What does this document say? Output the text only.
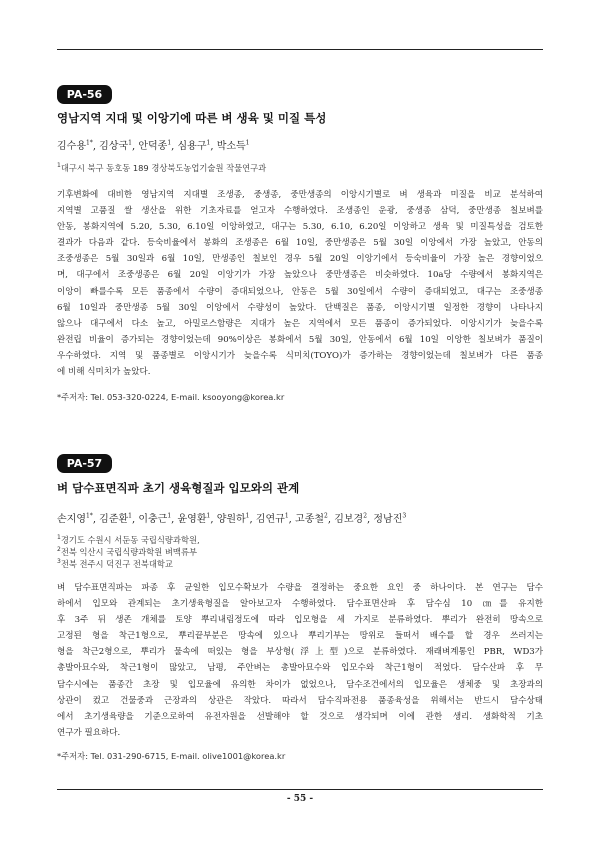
PA-56
영남지역 지대 및 이앙기에 따른 벼 생육 및 미질 특성
김수용$^{1*}$, 김상국$^1$, 안덕종$^1$, 심용구$^1$, 박소득$^1$
$^1$대구시 북구 동호동 189 경상북도농업기술원 작물연구과
기후변화에 대비한 영남지역 지대별 조생종, 중생종, 중만생종의 이앙시기별로 벼 생육과 미질을 비교 분석하여
지역별 고품질 쌀 생산을 위한 기초자료를 얻고자 수행하였다. 조생종인 운광, 중생종 삼덕, 중만생종 칠보벼를
안동, 봉화지역에 5.20, 5.30, 6.10일 이앙하였고, 대구는 5.30, 6.10, 6.20일 이앙하고 생육 및 미질특성을 검토한
결과가 다음과 같다. 등숙비율에서 봉화의 조생종은 6월 10일, 중만생종은 5월 30일 이앙에서 가장 높았고, 안동의
조중생종은 5월 30일과 6월 10일, 만생종인 칠보인 경우 5월 20일 이앙기에서 등숙비율이 가장 높은 경향이었으
며, 대구에서 조중생종은 6월 20일 이앙기가 가장 높았으나 중만생종은 비슷하였다. 10a당 수량에서 봉화지역은
이앙이 빠를수록 모든 품종에서 수량이 증대되었으나, 안동은 5월 30일에서 수량이 증대되었고, 대구는 조중생종
6월 10일과 중만생종 5월 30일 이앙에서 수량성이 높았다. 단백질은 품종, 이앙시기별 일정한 경향이 나타나지
않으나 대구에서 다소 높고, 아밀로스함량은 지대가 높은 지역에서 모든 품종이 증가되었다. 이앙시기가 늦을수록
완전립 비율이 증가되는 경향이었는데 90%이상은 봉화에서 5월 30일, 안동에서 6월 10일 이앙한 칠보벼가 품질이
우수하였다. 지역 및 품종별로 이앙시기가 늦을수록 식미치(TOYO)가 증가하는 경향이었는데 칠보벼가 다른 품종
에 비해 식미치가 높았다.
*주저자: Tel. 053-320-0224, E-mail. ksooyong@korea.kr
PA-57
벼 담수표면직파 초기 생육형질과 입모와의 관계
손지영$^{1*}$, 김준환$^1$, 이충근$^1$, 윤영환$^1$, 양원하$^1$, 김연규$^1$, 고종철$^2$, 김보경$^2$, 정남진$^3$
$^1$경기도 수원시 서둔동 국립식량과학원,
$^2$전북 익산시 국립식량과학원 벼맥류부
$^3$전북 전주시 덕진구 전북대학교
벼 담수표면직파는 파종 후 균일한 입모수확보가 수량을 결정하는 중요한 요인 중 하나이다. 본 연구는 담수
하에서 입모와 관계되는 초기생육형질을 알아보고자 수행하였다. 담수표면산파 후 담수심 10 ㎝를 유지한
후 3주 뒤 생존 개체를 토양 뿌리내림정도에 따라 입모형을 세 가지로 분류하였다. 뿌리가 완전히 땅속으로
고정된 형을 착근1형으로, 뿌리끝부분은 땅속에 있으나 뿌리기부는 땅위로 들떠서 배수를 할 경우 쓰러지는
형을 착근2형으로, 뿌리가 물속에 떠있는 형을 부상형(浮上型)으로 분류하였다. 재래벼계통인 PBR, WD3가
총발아묘수와, 착근1형이 많았고, 남평, 주안벼는 총발아묘수와 입모수와 착근1형이 적었다. 담수산파 후 무
담수시에는 품종간 초장 및 입모율에 유의한 차이가 없었으나, 담수조건에서의 입모율은 생체중 및 초장과의
상관이 컸고 건물중과 근장과의 상관은 작았다. 따라서 담수직파전용 품종육성을 위해서는 반드시 담수상태
에서 초기생육량을 기준으로하여 유전자원을 선발해야 할 것으로 생각되며 이에 관한 생리. 생화학적 기초
연구가 필요하다.
*주저자: Tel. 031-290-6715, E-mail. olive1001@korea.kr
- 55 -
